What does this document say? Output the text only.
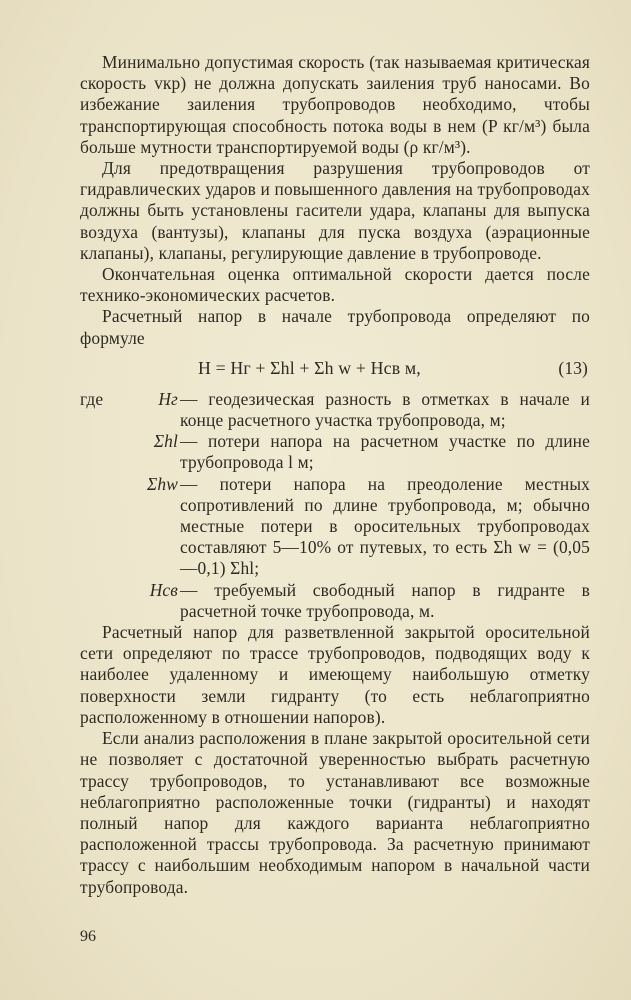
Минимально допустимая скорость (так называемая критическая скорость vкр) не должна допускать заиления труб наносами. Во избежание заиления трубопроводов необходимо, чтобы транспортирующая способность потока воды в нем (P кг/м³) была больше мутности транспортируемой воды (ρ кг/м³).

Для предотвращения разрушения трубопроводов от гидравлических ударов и повышенного давления на трубопроводах должны быть установлены гасители удара, клапаны для выпуска воздуха (вантузы), клапаны для пуска воздуха (аэрационные клапаны), клапаны, регулирующие давление в трубопроводе.

Окончательная оценка оптимальной скорости дается после технико-экономических расчетов.

Расчетный напор в начале трубопровода определяют по формуле

H = Hг + Σhl + Σh w + Hсв м,	(13)
где	Hг — геодезическая разность в отметках в начале и конце расчетного участка трубопровода, м;
Σhl — потери напора на расчетном участке по длине трубопровода l м;
Σhw — потери напора на преодоление местных сопротивлений по длине трубопровода, м; обычно местные потери в оросительных трубопроводах составляют 5—10% от путевых, то есть Σh w = (0,05—0,1) Σhl;
Hсв — требуемый свободный напор в гидранте в расчетной точке трубопровода, м.

Расчетный напор для разветвленной закрытой оросительной сети определяют по трассе трубопроводов, подводящих воду к наиболее удаленному и имеющему наибольшую отметку поверхности земли гидранту (то есть неблагоприятно расположенному в отношении напоров).

Если анализ расположения в плане закрытой оросительной сети не позволяет с достаточной уверенностью выбрать расчетную трассу трубопроводов, то устанавливают все возможные неблагоприятно расположенные точки (гидранты) и находят полный напор для каждого варианта неблагоприятно расположенной трассы трубопровода. За расчетную принимают трассу с наибольшим необходимым напором в начальной части трубопровода.

96
